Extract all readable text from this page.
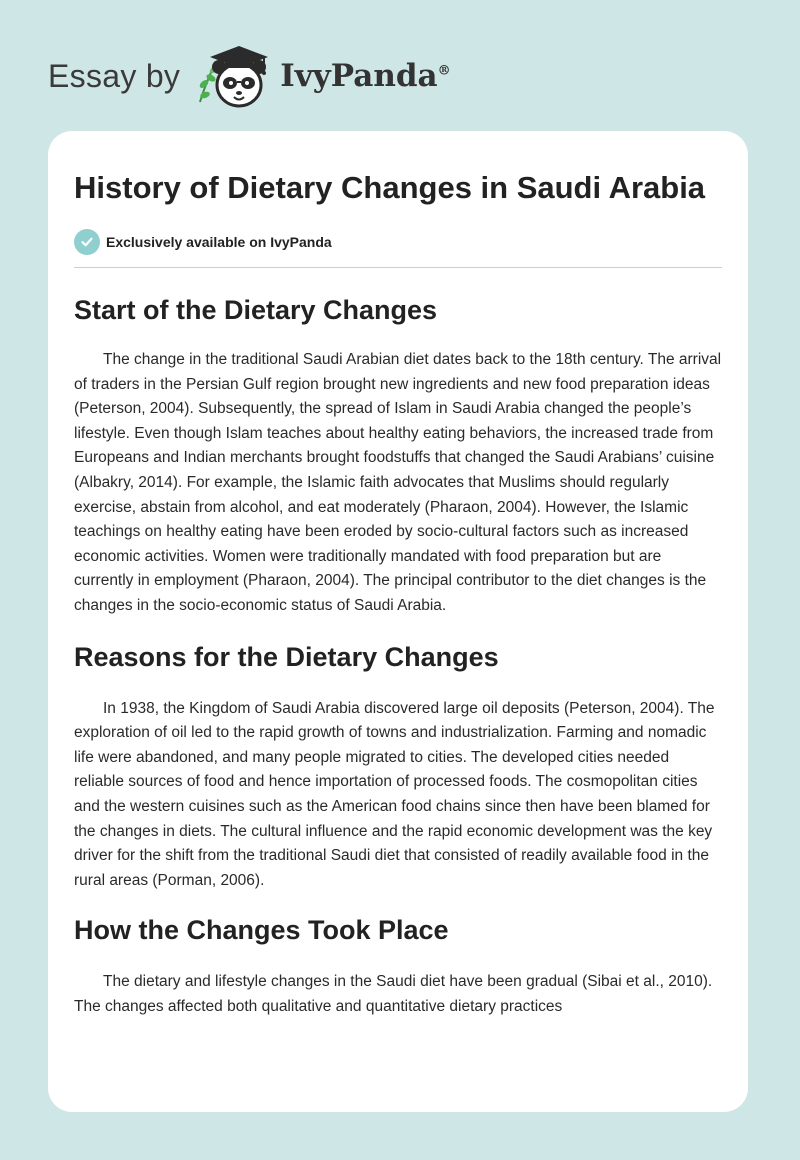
Essay by	IvyPanda®
History of Dietary Changes in Saudi Arabia
Exclusively available on IvyPanda
Start of the Dietary Changes

The change in the traditional Saudi Arabian diet dates back to the 18th century. The arrival of traders in the Persian Gulf region brought new ingredients and new food preparation ideas (Peterson, 2004). Subsequently, the spread of Islam in Saudi Arabia changed the people’s lifestyle. Even though Islam teaches about healthy eating behaviors, the increased trade from Europeans and Indian merchants brought foodstuffs that changed the Saudi Arabians’ cuisine (Albakry, 2014). For example, the Islamic faith advocates that Muslims should regularly exercise, abstain from alcohol, and eat moderately (Pharaon, 2004). However, the Islamic teachings on healthy eating have been eroded by socio-cultural factors such as increased economic activities. Women were traditionally mandated with food preparation but are currently in employment (Pharaon, 2004). The principal contributor to the diet changes is the changes in the socio-economic status of Saudi Arabia.

Reasons for the Dietary Changes

In 1938, the Kingdom of Saudi Arabia discovered large oil deposits (Peterson, 2004). The exploration of oil led to the rapid growth of towns and industrialization. Farming and nomadic life were abandoned, and many people migrated to cities. The developed cities needed reliable sources of food and hence importation of processed foods. The cosmopolitan cities and the western cuisines such as the American food chains since then have been blamed for the changes in diets. The cultural influence and the rapid economic development was the key driver for the shift from the traditional Saudi diet that consisted of readily available food in the rural areas (Porman, 2006).

How the Changes Took Place

The dietary and lifestyle changes in the Saudi diet have been gradual (Sibai et al., 2010). The changes affected both qualitative and quantitative dietary practices
